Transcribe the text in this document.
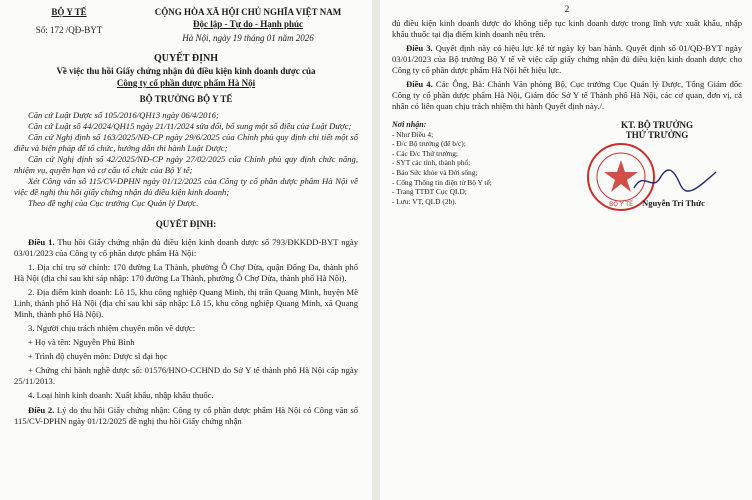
BỘ Y TẾ
Số: 172 /QĐ-BYT
CỘNG HÒA XÃ HỘI CHỦ NGHĨA VIỆT NAM
Độc lập - Tự do - Hạnh phúc
Hà Nội, ngày 19 tháng 01 năm 2026
QUYẾT ĐỊNH
Về việc thu hồi Giấy chứng nhận đủ điều kiện kinh doanh dược của
Công ty cổ phần dược phẩm Hà Nội
BỘ TRƯỞNG BỘ Y TẾ

Căn cứ Luật Dược số 105/2016/QH13 ngày 06/4/2016;

Căn cứ Luật số 44/2024/QH15 ngày 21/11/2024 sửa đổi, bổ sung một số điều của Luật Dược;

Căn cứ Nghị định số 163/2025/NĐ-CP ngày 29/6/2025 của Chính phủ quy định chi tiết một số điều và biện pháp để tổ chức, hướng dẫn thi hành Luật Dược;

Căn cứ Nghị định số 42/2025/NĐ-CP ngày 27/02/2025 của Chính phủ quy định chức năng, nhiệm vụ, quyền hạn và cơ cấu tổ chức của Bộ Y tế;

Xét Công văn số 115/CV-DPHN ngày 01/12/2025 của Công ty cổ phần dược phẩm Hà Nội về việc đề nghị thu hồi giấy chứng nhận đủ điều kiện kinh doanh;

Theo đề nghị của Cục trưởng Cục Quản lý Dược.

QUYẾT ĐỊNH:

Điều 1. Thu hồi Giấy chứng nhận đủ điều kiện kinh doanh dược số 793/ĐKKDD-BYT ngày 03/01/2023 của Công ty cổ phần dược phẩm Hà Nội:

1. Địa chỉ trụ sở chính: 170 đường La Thành, phường Ô Chợ Dừa, quận Đống Đa, thành phố Hà Nội (địa chỉ sau khi sáp nhập: 170 đường La Thành, phường Ô Chợ Dừa, thành phố Hà Nội).

2. Địa điểm kinh doanh: Lô 15, khu công nghiệp Quang Minh, thị trấn Quang Minh, huyện Mê Linh, thành phố Hà Nội (địa chỉ sau khi sáp nhập: Lô 15, khu công nghiệp Quang Minh, xã Quang Minh, thành phố Hà Nội).

3. Người chịu trách nhiệm chuyên môn về dược:

+ Họ và tên: Nguyễn Phú Bình

+ Trình độ chuyên môn: Dược sĩ đại học

+ Chứng chỉ hành nghề dược số: 01576/HNO-CCHND do Sở Y tế thành phố Hà Nội cấp ngày 25/11/2013.

4. Loại hình kinh doanh: Xuất khẩu, nhập khẩu thuốc.

Điều 2. Lý do thu hồi Giấy chứng nhận: Công ty cổ phần dược phẩm Hà Nội có Công văn số 115/CV-DPHN ngày 01/12/2025 đề nghị thu hồi Giấy chứng nhận

2

đủ điều kiện kinh doanh dược do không tiếp tục kinh doanh dược trong lĩnh vực xuất khẩu, nhập khẩu thuốc tại địa điểm kinh doanh nêu trên.

Điều 3. Quyết định này có hiệu lực kể từ ngày ký ban hành. Quyết định số 01/QĐ-BYT ngày 03/01/2023 của Bộ trưởng Bộ Y tế về việc cấp giấy chứng nhận đủ điều kiện kinh doanh dược cho Công ty cổ phần dược phẩm Hà Nội hết hiệu lực.

Điều 4. Các Ông, Bà: Chánh Văn phòng Bộ, Cục trưởng Cục Quản lý Dược, Tổng Giám đốc Công ty cổ phần dược phẩm Hà Nội, Giám đốc Sở Y tế Thành phố Hà Nội, các cơ quan, đơn vị, cá nhân có liên quan chịu trách nhiệm thi hành Quyết định này./.

Nơi nhận:
- Như Điều 4;
- Đ/c Bộ trưởng (để b/c);
- Các Đ/c Thứ trưởng;
- SYT các tỉnh, thành phố;
- Báo Sức khỏe và Đời sống;
- Cổng Thông tin điện tử Bộ Y tế;
- Trang TTĐT Cục QLD;
- Lưu: VT, QLD (2b).
KT. BỘ TRƯỞNG
THỨ TRƯỞNG
BỘ Y TẾ Nguyễn Tri Thức
